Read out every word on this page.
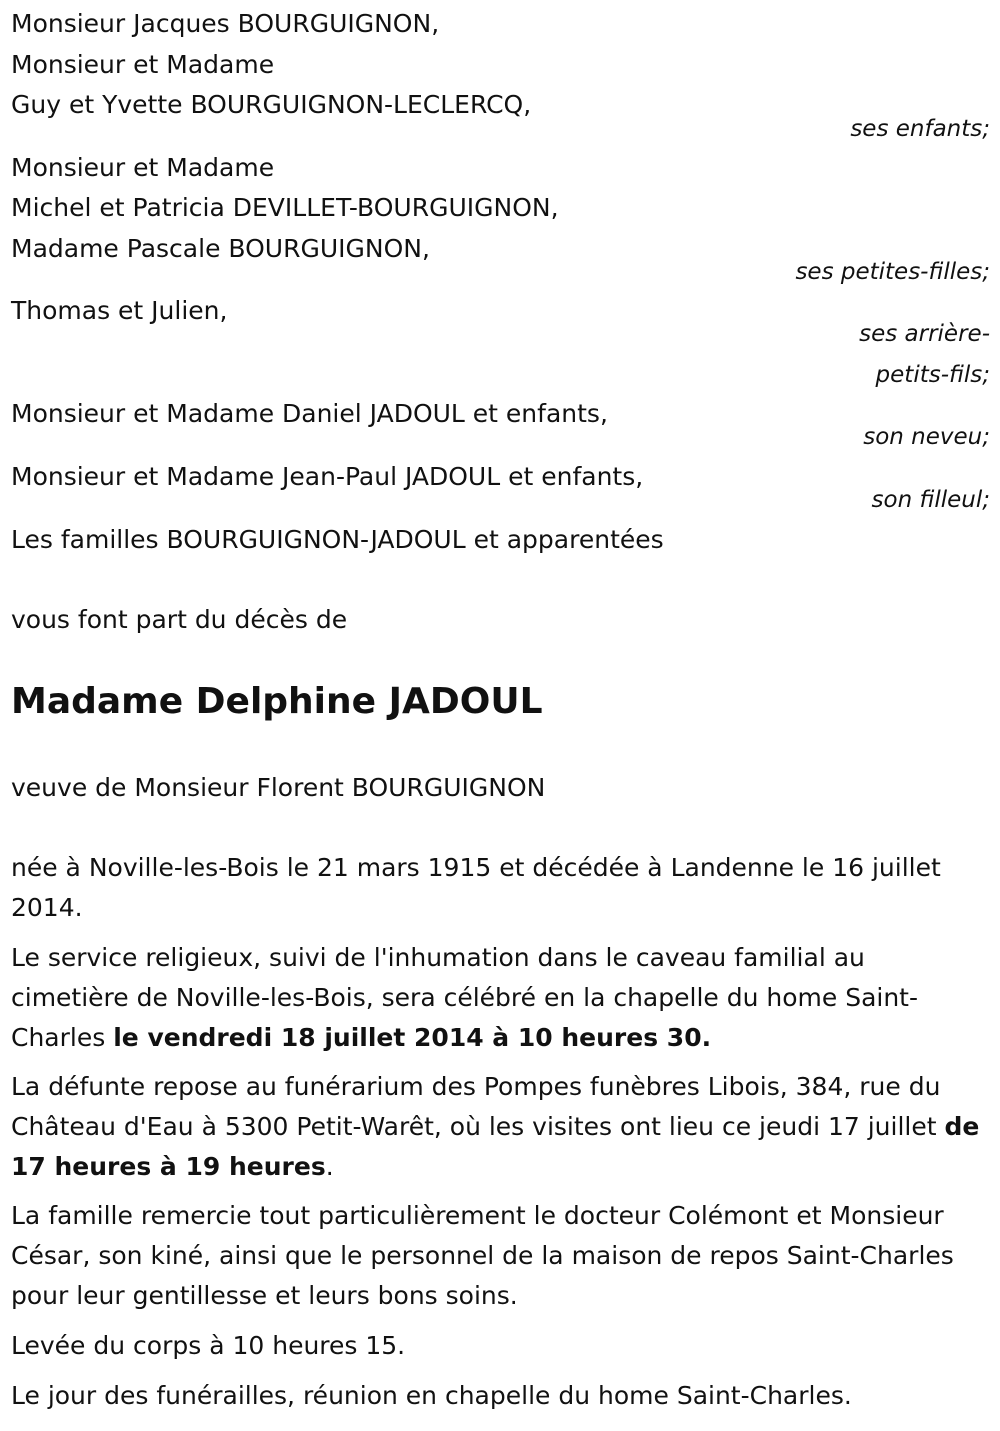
Monsieur Jacques BOURGUIGNON,
Monsieur et Madame
Guy et Yvette BOURGUIGNON-LECLERCQ,
ses enfants;
Monsieur et Madame
Michel et Patricia DEVILLET-BOURGUIGNON,
Madame Pascale BOURGUIGNON,
ses petites-filles;
Thomas et Julien,
ses arrière-
petits-fils;
Monsieur et Madame Daniel JADOUL et enfants,
son neveu;
Monsieur et Madame Jean-Paul JADOUL et enfants,
son filleul;
Les familles BOURGUIGNON-JADOUL et apparentées
vous font part du décès de
Madame Delphine JADOUL
veuve de Monsieur Florent BOURGUIGNON
née à Noville-les-Bois le 21 mars 1915 et décédée à Landenne le 16 juillet 2014.
Le service religieux, suivi de l'inhumation dans le caveau familial au cimetière de Noville-les-Bois, sera célébré en la chapelle du home Saint-Charles le vendredi 18 juillet 2014 à 10 heures 30.
La défunte repose au funérarium des Pompes funèbres Libois, 384, rue du Château d'Eau à 5300 Petit-Warêt, où les visites ont lieu ce jeudi 17 juillet de 17 heures à 19 heures.
La famille remercie tout particulièrement le docteur Colémont et Monsieur César, son kiné, ainsi que le personnel de la maison de repos Saint-Charles pour leur gentillesse et leurs bons soins.
Levée du corps à 10 heures 15.
Le jour des funérailles, réunion en chapelle du home Saint-Charles.
